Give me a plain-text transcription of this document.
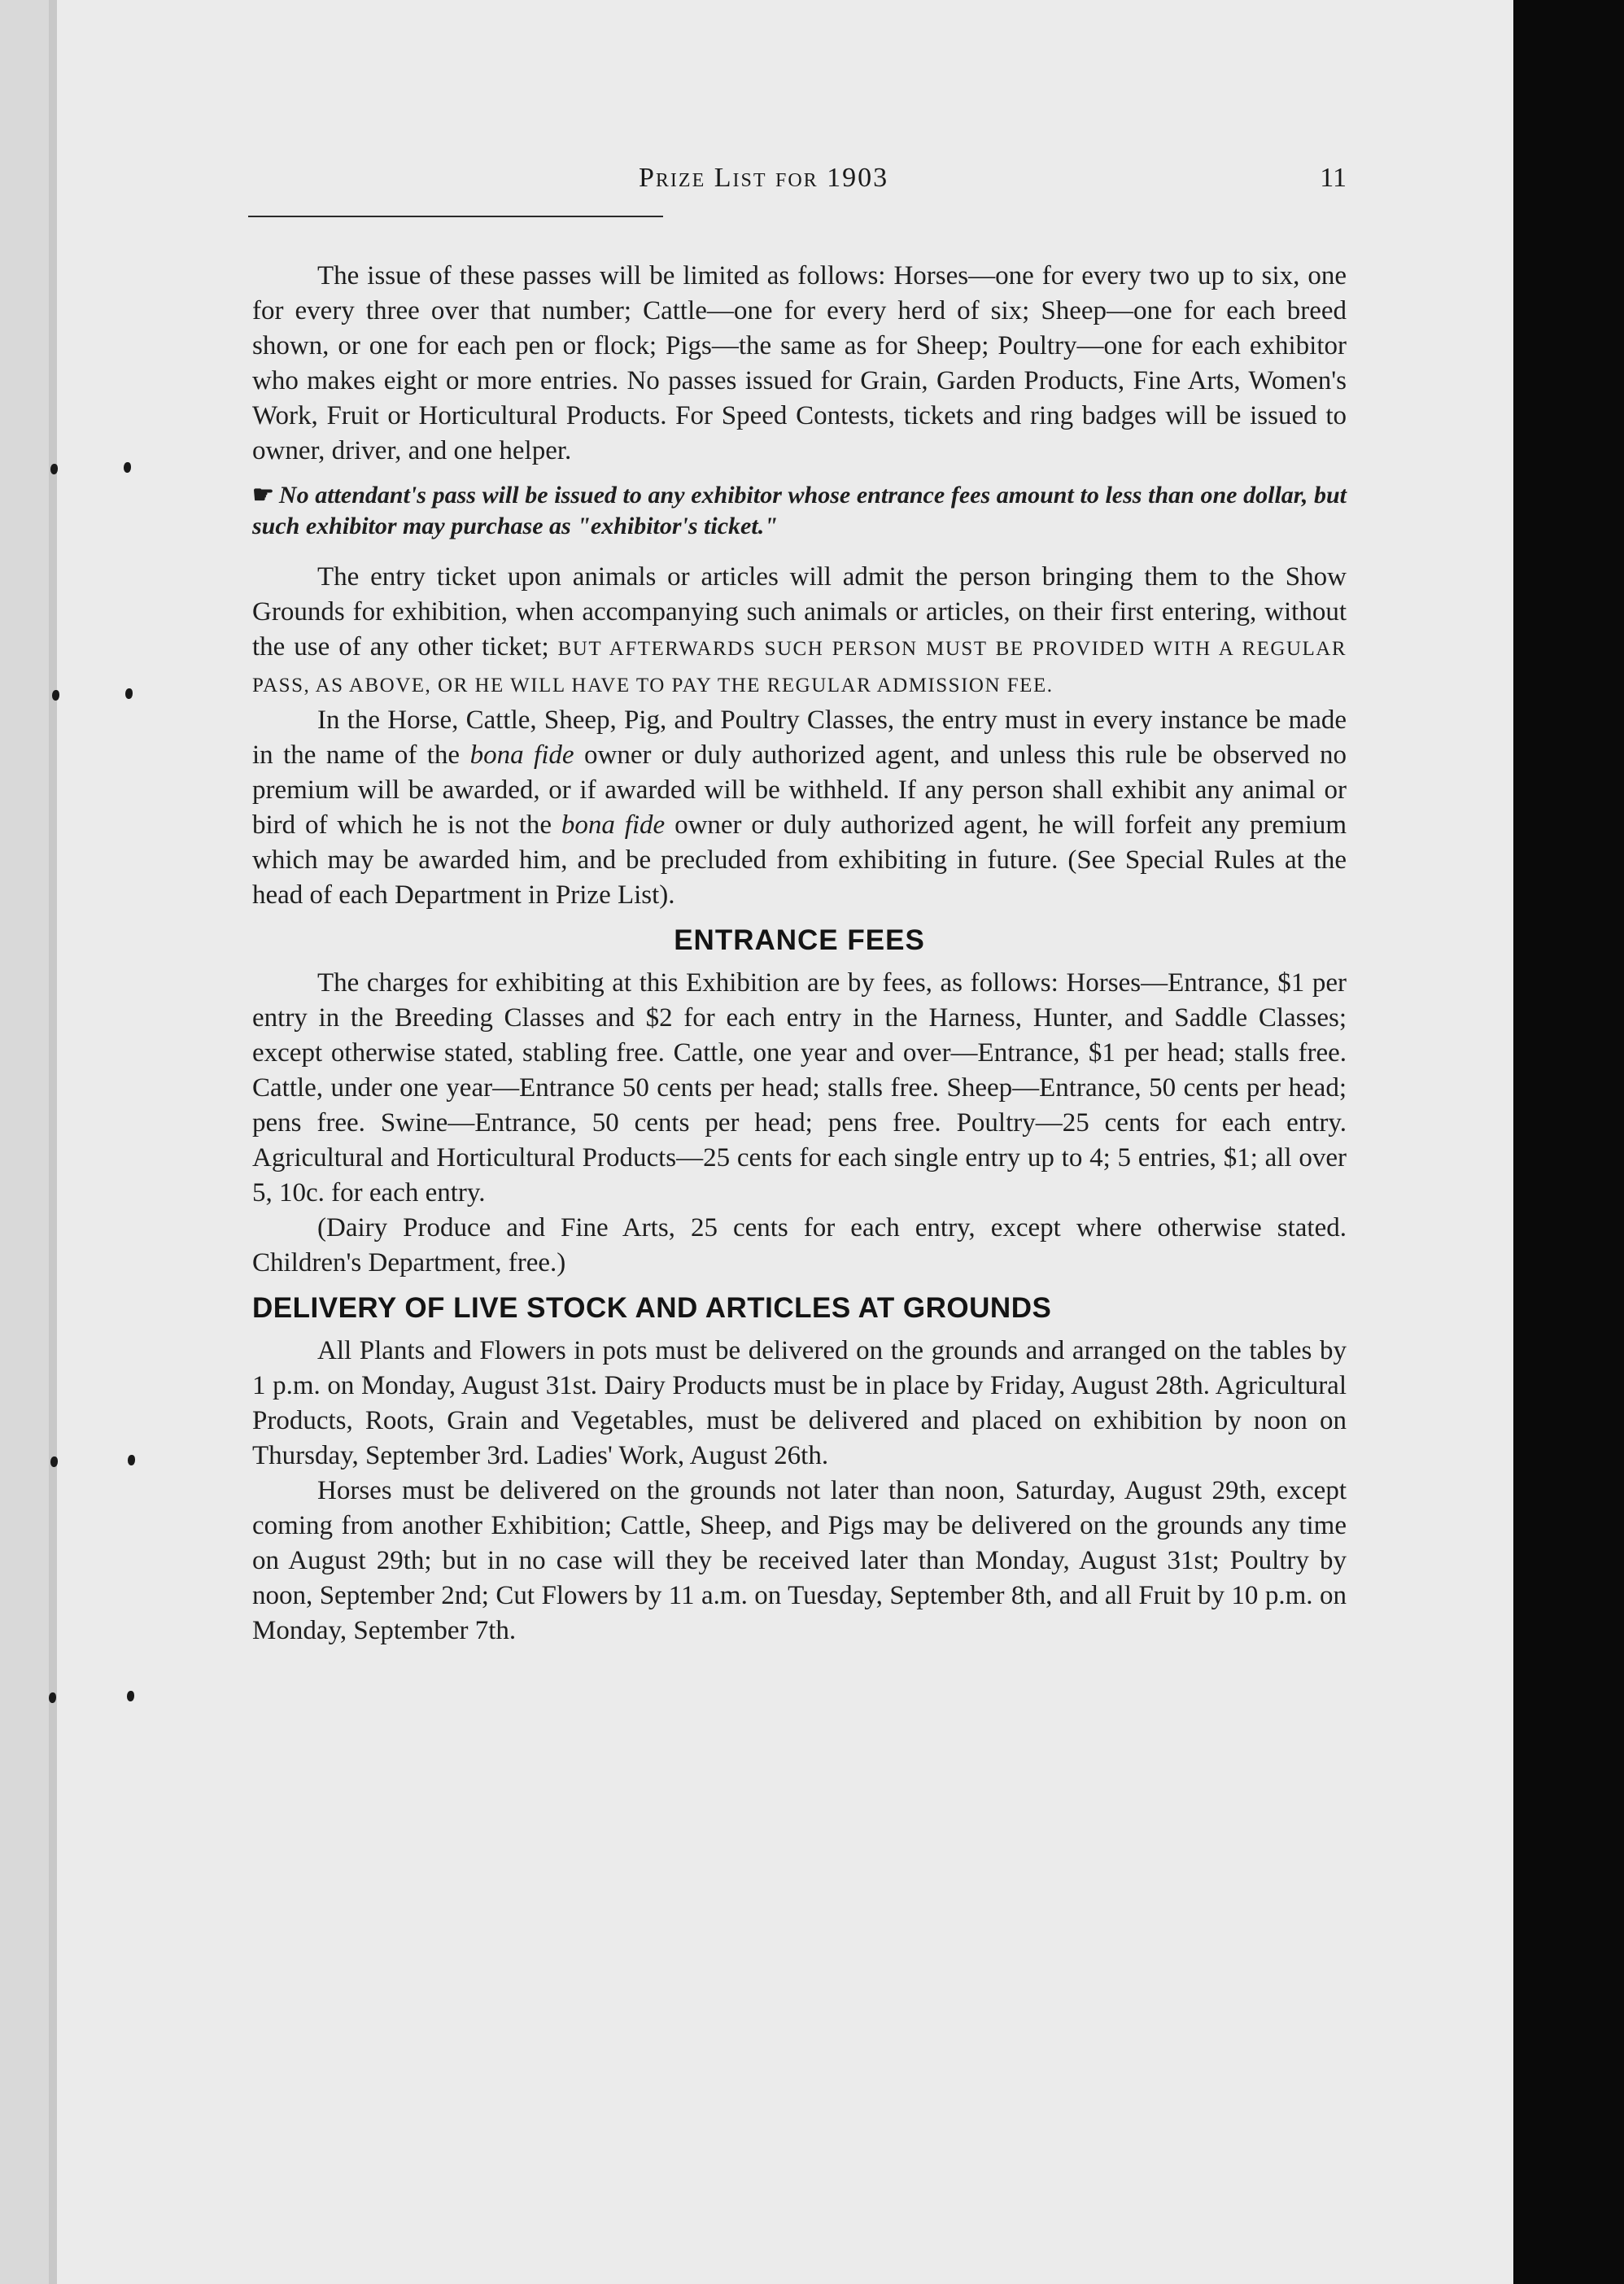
Prize List for 1903	11

The issue of these passes will be limited as follows: Horses—one for every two up to six, one for every three over that number; Cattle—one for every herd of six; Sheep—one for each breed shown, or one for each pen or flock; Pigs—the same as for Sheep; Poultry—one for each exhibitor who makes eight or more entries. No passes issued for Grain, Garden Products, Fine Arts, Women's Work, Fruit or Horticultural Products. For Speed Contests, tickets and ring badges will be issued to owner, driver, and one helper.

☛ No attendant's pass will be issued to any exhibitor whose entrance fees amount to less than one dollar, but such exhibitor may purchase as "exhibitor's ticket."

The entry ticket upon animals or articles will admit the person bringing them to the Show Grounds for exhibition, when accompanying such animals or articles, on their first entering, without the use of any other ticket; BUT AFTERWARDS SUCH PERSON MUST BE PROVIDED WITH A REGULAR PASS, AS ABOVE, OR HE WILL HAVE TO PAY THE REGULAR ADMISSION FEE.

In the Horse, Cattle, Sheep, Pig, and Poultry Classes, the entry must in every instance be made in the name of the bona fide owner or duly authorized agent, and unless this rule be observed no premium will be awarded, or if awarded will be withheld. If any person shall exhibit any animal or bird of which he is not the bona fide owner or duly authorized agent, he will forfeit any premium which may be awarded him, and be precluded from exhibiting in future. (See Special Rules at the head of each Department in Prize List).

ENTRANCE FEES

The charges for exhibiting at this Exhibition are by fees, as follows: Horses—Entrance, $1 per entry in the Breeding Classes and $2 for each entry in the Harness, Hunter, and Saddle Classes; except otherwise stated, stabling free. Cattle, one year and over—Entrance, $1 per head; stalls free. Cattle, under one year—Entrance 50 cents per head; stalls free. Sheep—Entrance, 50 cents per head; pens free. Swine—Entrance, 50 cents per head; pens free. Poultry—25 cents for each entry. Agricultural and Horticultural Products—25 cents for each single entry up to 4; 5 entries, $1; all over 5, 10c. for each entry.

(Dairy Produce and Fine Arts, 25 cents for each entry, except where otherwise stated. Children's Department, free.)

DELIVERY OF LIVE STOCK AND ARTICLES AT GROUNDS

All Plants and Flowers in pots must be delivered on the grounds and arranged on the tables by 1 p.m. on Monday, August 31st. Dairy Products must be in place by Friday, August 28th. Agricultural Products, Roots, Grain and Vegetables, must be delivered and placed on exhibition by noon on Thursday, September 3rd. Ladies' Work, August 26th.

Horses must be delivered on the grounds not later than noon, Saturday, August 29th, except coming from another Exhibition; Cattle, Sheep, and Pigs may be delivered on the grounds any time on August 29th; but in no case will they be received later than Monday, August 31st; Poultry by noon, September 2nd; Cut Flowers by 11 a.m. on Tuesday, September 8th, and all Fruit by 10 p.m. on Monday, September 7th.
